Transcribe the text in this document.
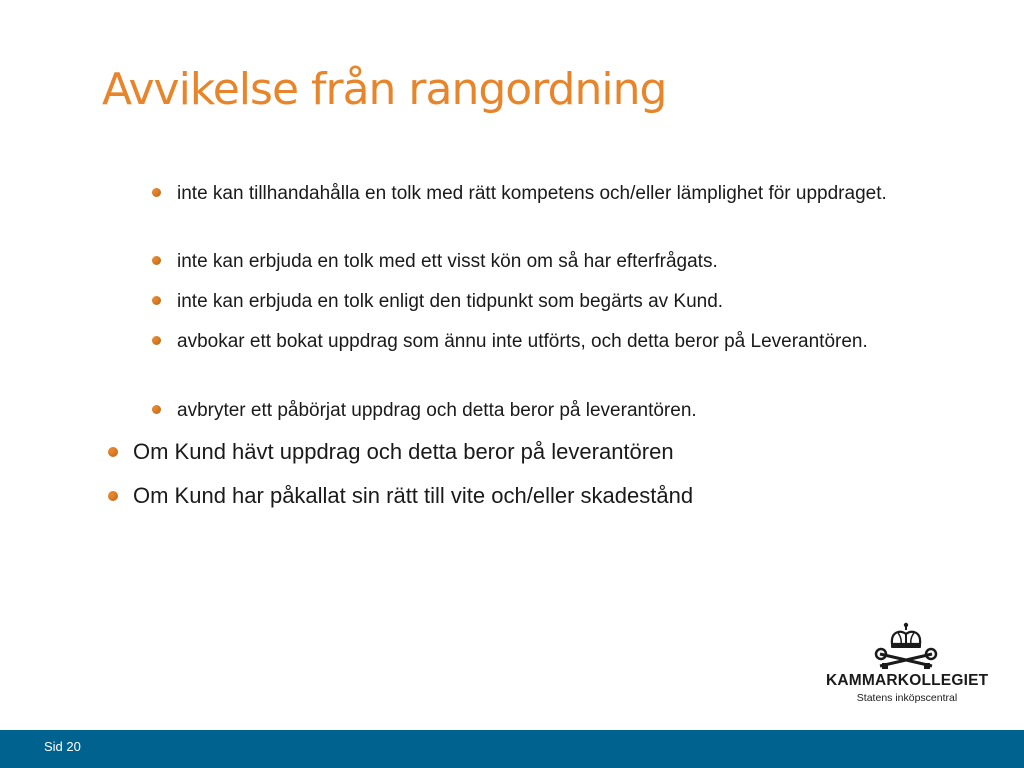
Avvikelse från rangordning
inte kan tillhandahålla en tolk med rätt kompetens och/eller lämplighet för uppdraget.
inte kan erbjuda en tolk med ett visst kön om så har efterfrågats.
inte kan erbjuda en tolk enligt den tidpunkt som begärts av Kund.
avbokar ett bokat uppdrag som ännu inte utförts, och detta beror på Leverantören.
avbryter ett påbörjat uppdrag och detta beror på leverantören.
Om Kund hävt uppdrag och detta beror på leverantören
Om Kund har påkallat sin rätt till vite och/eller skadestånd
KAMMARKOLLEGIET
Statens inköpscentral
Sid 20
